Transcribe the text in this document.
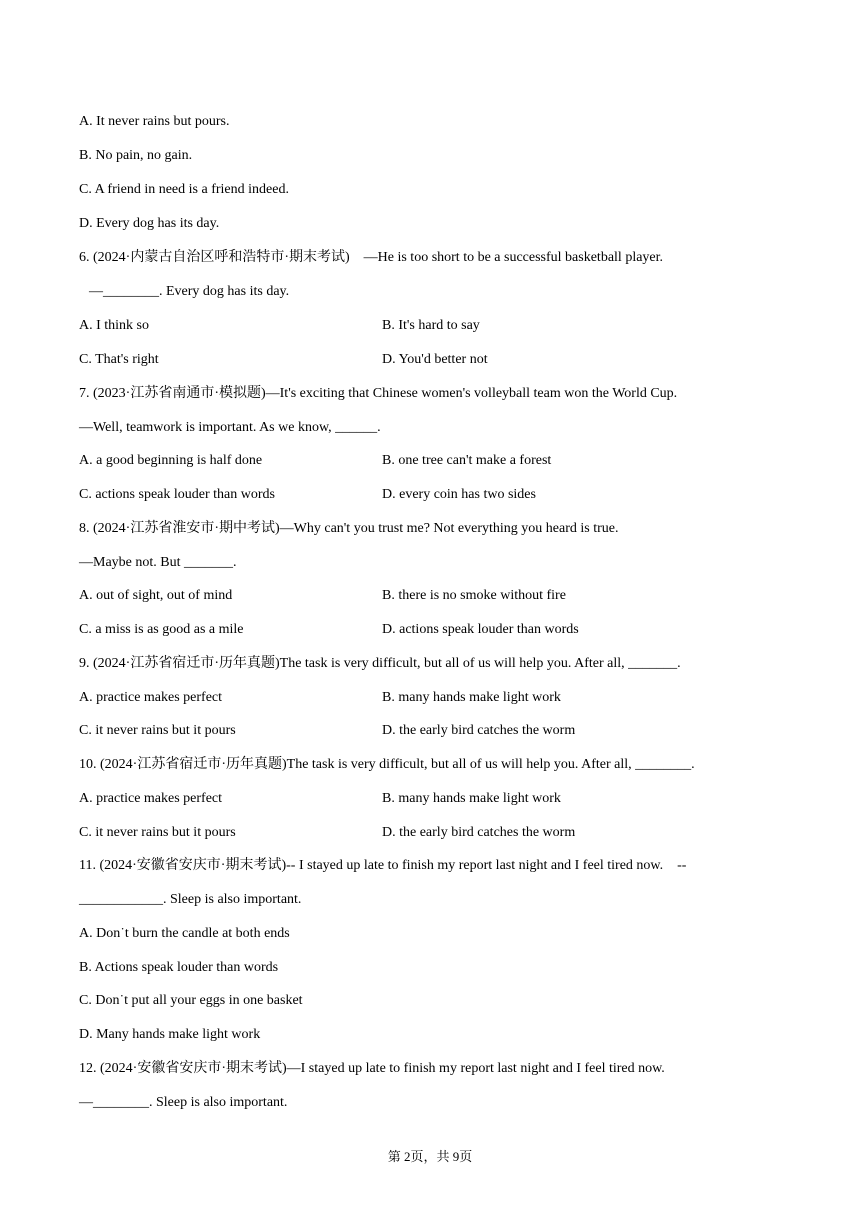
A. It never rains but pours.
B. No pain, no gain.
C. A friend in need is a friend indeed.
D. Every dog has its day.
6. (2024·内蒙古自治区呼和浩特市·期末考试)　—He is too short to be a successful basketball player.
—________. Every dog has its day.
A. I think so	B. It's hard to say
C. That's right	D. You'd better not
7. (2023·江苏省南通市·模拟题)—It's exciting that Chinese women's volleyball team won the World Cup.
—Well, teamwork is important. As we know, ______.
A. a good beginning is half done	B. one tree can't make a forest
C. actions speak louder than words	D. every coin has two sides
8. (2024·江苏省淮安市·期中考试)—Why can't you trust me? Not everything you heard is true.
—Maybe not. But _______.
A. out of sight, out of mind	B. there is no smoke without fire
C. a miss is as good as a mile	D. actions speak louder than words
9. (2024·江苏省宿迁市·历年真题)The task is very difficult, but all of us will help you. After all, _______.
A. practice makes perfect	B. many hands make light work
C. it never rains but it pours	D. the early bird catches the worm
10. (2024·江苏省宿迁市·历年真题)The task is very difficult, but all of us will help you. After all, ________.
A. practice makes perfect	B. many hands make light work
C. it never rains but it pours	D. the early bird catches the worm
11. (2024·安徽省安庆市·期末考试)-- I stayed up late to finish my report last night and I feel tired now.　--
____________. Sleep is also important.
A. Don˙t burn the candle at both ends
B. Actions speak louder than words
C. Don˙t put all your eggs in one basket
D. Many hands make light work
12. (2024·安徽省安庆市·期末考试)—I stayed up late to finish my report last night and I feel tired now.
—________. Sleep is also important.
第 2页，共 9页
